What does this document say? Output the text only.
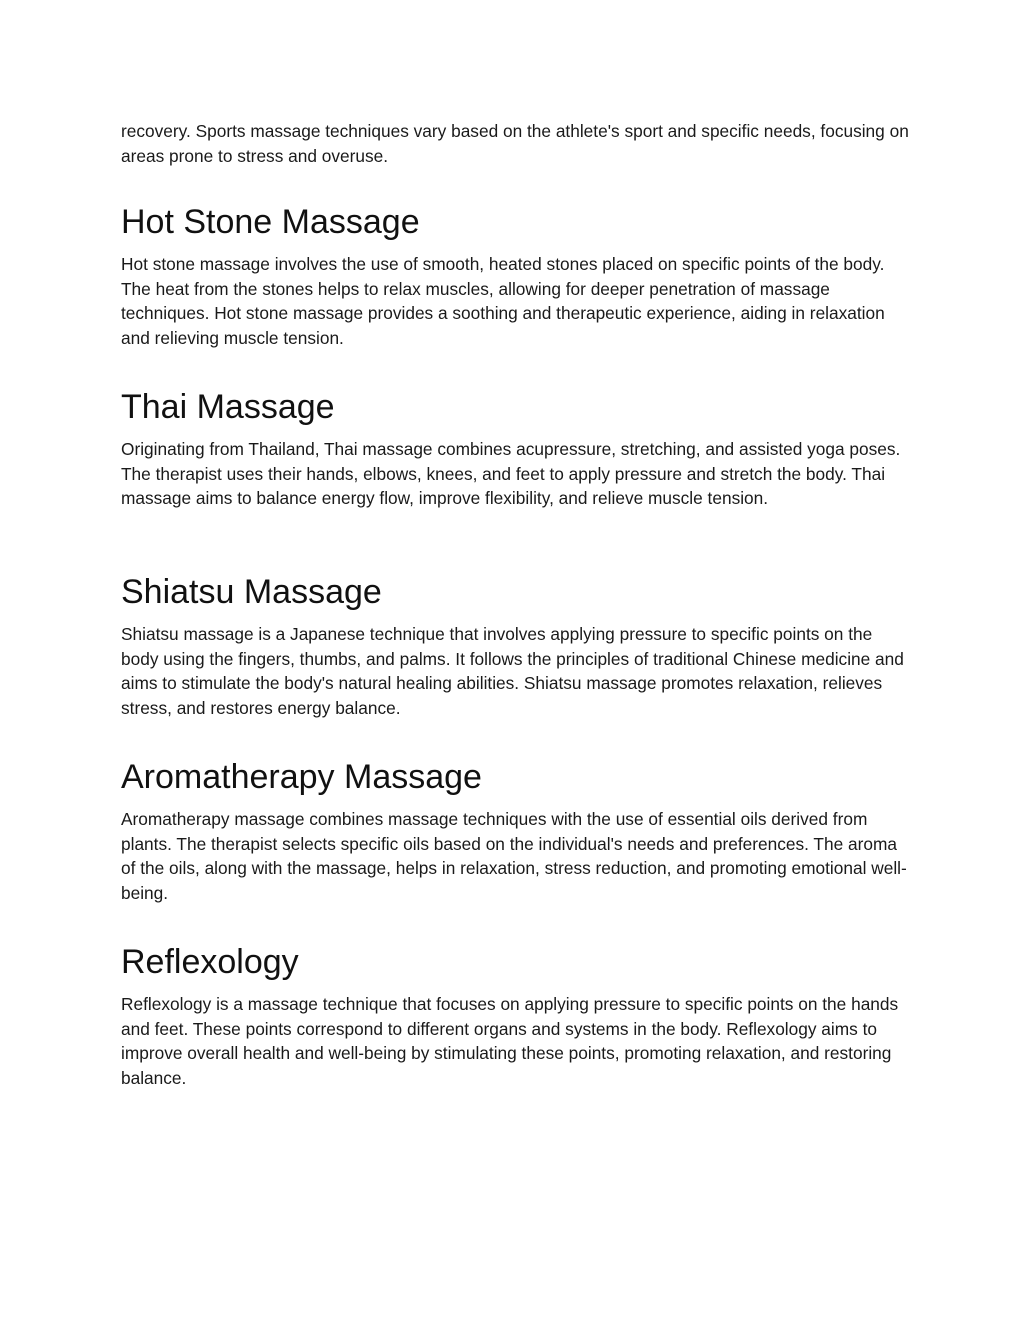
recovery. Sports massage techniques vary based on the athlete's sport and specific needs, focusing on areas prone to stress and overuse.

Hot Stone Massage

Hot stone massage involves the use of smooth, heated stones placed on specific points of the body. The heat from the stones helps to relax muscles, allowing for deeper penetration of massage techniques. Hot stone massage provides a soothing and therapeutic experience, aiding in relaxation and relieving muscle tension.

Thai Massage

Originating from Thailand, Thai massage combines acupressure, stretching, and assisted yoga poses. The therapist uses their hands, elbows, knees, and feet to apply pressure and stretch the body. Thai massage aims to balance energy flow, improve flexibility, and relieve muscle tension.

Shiatsu Massage

Shiatsu massage is a Japanese technique that involves applying pressure to specific points on the body using the fingers, thumbs, and palms. It follows the principles of traditional Chinese medicine and aims to stimulate the body's natural healing abilities. Shiatsu massage promotes relaxation, relieves stress, and restores energy balance.

Aromatherapy Massage

Aromatherapy massage combines massage techniques with the use of essential oils derived from plants. The therapist selects specific oils based on the individual's needs and preferences. The aroma of the oils, along with the massage, helps in relaxation, stress reduction, and promoting emotional well-being.

Reflexology

Reflexology is a massage technique that focuses on applying pressure to specific points on the hands and feet. These points correspond to different organs and systems in the body. Reflexology aims to improve overall health and well-being by stimulating these points, promoting relaxation, and restoring balance.
